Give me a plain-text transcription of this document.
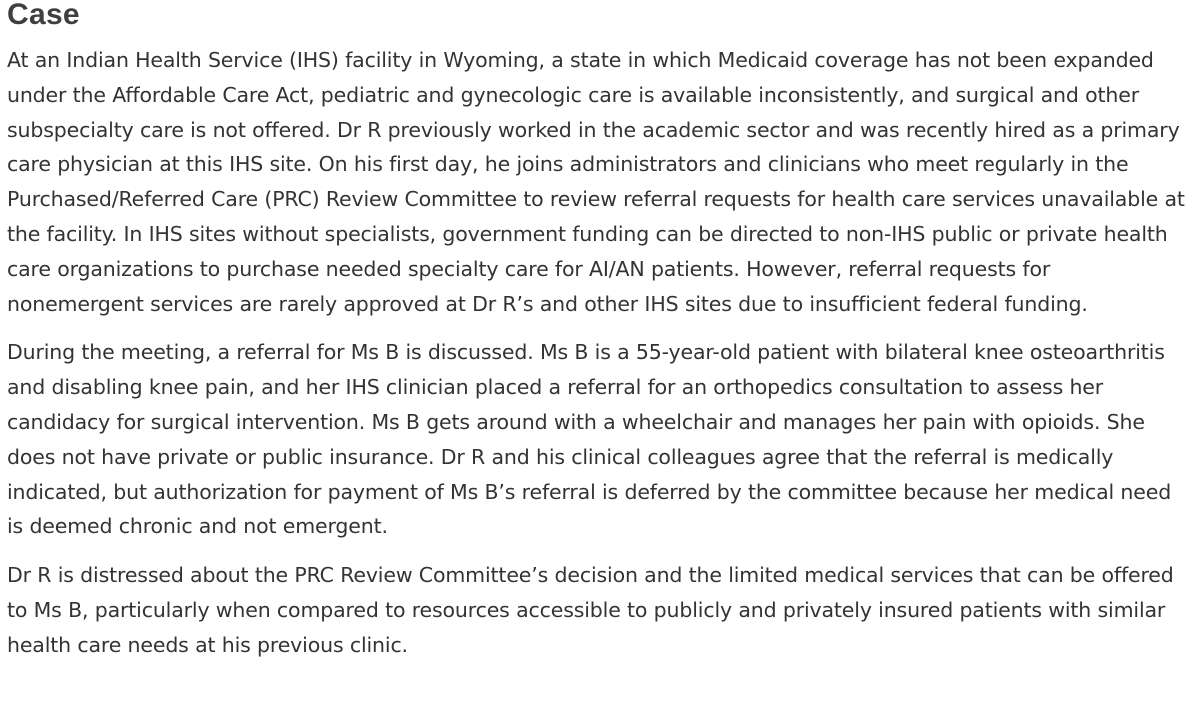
Case

At an Indian Health Service (IHS) facility in Wyoming, a state in which Medicaid coverage has not been expanded under the Affordable Care Act, pediatric and gynecologic care is available inconsistently, and surgical and other subspecialty care is not offered. Dr R previously worked in the academic sector and was recently hired as a primary care physician at this IHS site. On his first day, he joins administrators and clinicians who meet regularly in the Purchased/Referred Care (PRC) Review Committee to review referral requests for health care services unavailable at the facility. In IHS sites without specialists, government funding can be directed to non-IHS public or private health care organizations to purchase needed specialty care for AI/AN patients. However, referral requests for nonemergent services are rarely approved at Dr R’s and other IHS sites due to insufficient federal funding.

During the meeting, a referral for Ms B is discussed. Ms B is a 55-year-old patient with bilateral knee osteoarthritis and disabling knee pain, and her IHS clinician placed a referral for an orthopedics consultation to assess her candidacy for surgical intervention. Ms B gets around with a wheelchair and manages her pain with opioids. She does not have private or public insurance. Dr R and his clinical colleagues agree that the referral is medically indicated, but authorization for payment of Ms B’s referral is deferred by the committee because her medical need is deemed chronic and not emergent.

Dr R is distressed about the PRC Review Committee’s decision and the limited medical services that can be offered to Ms B, particularly when compared to resources accessible to publicly and privately insured patients with similar health care needs at his previous clinic.
